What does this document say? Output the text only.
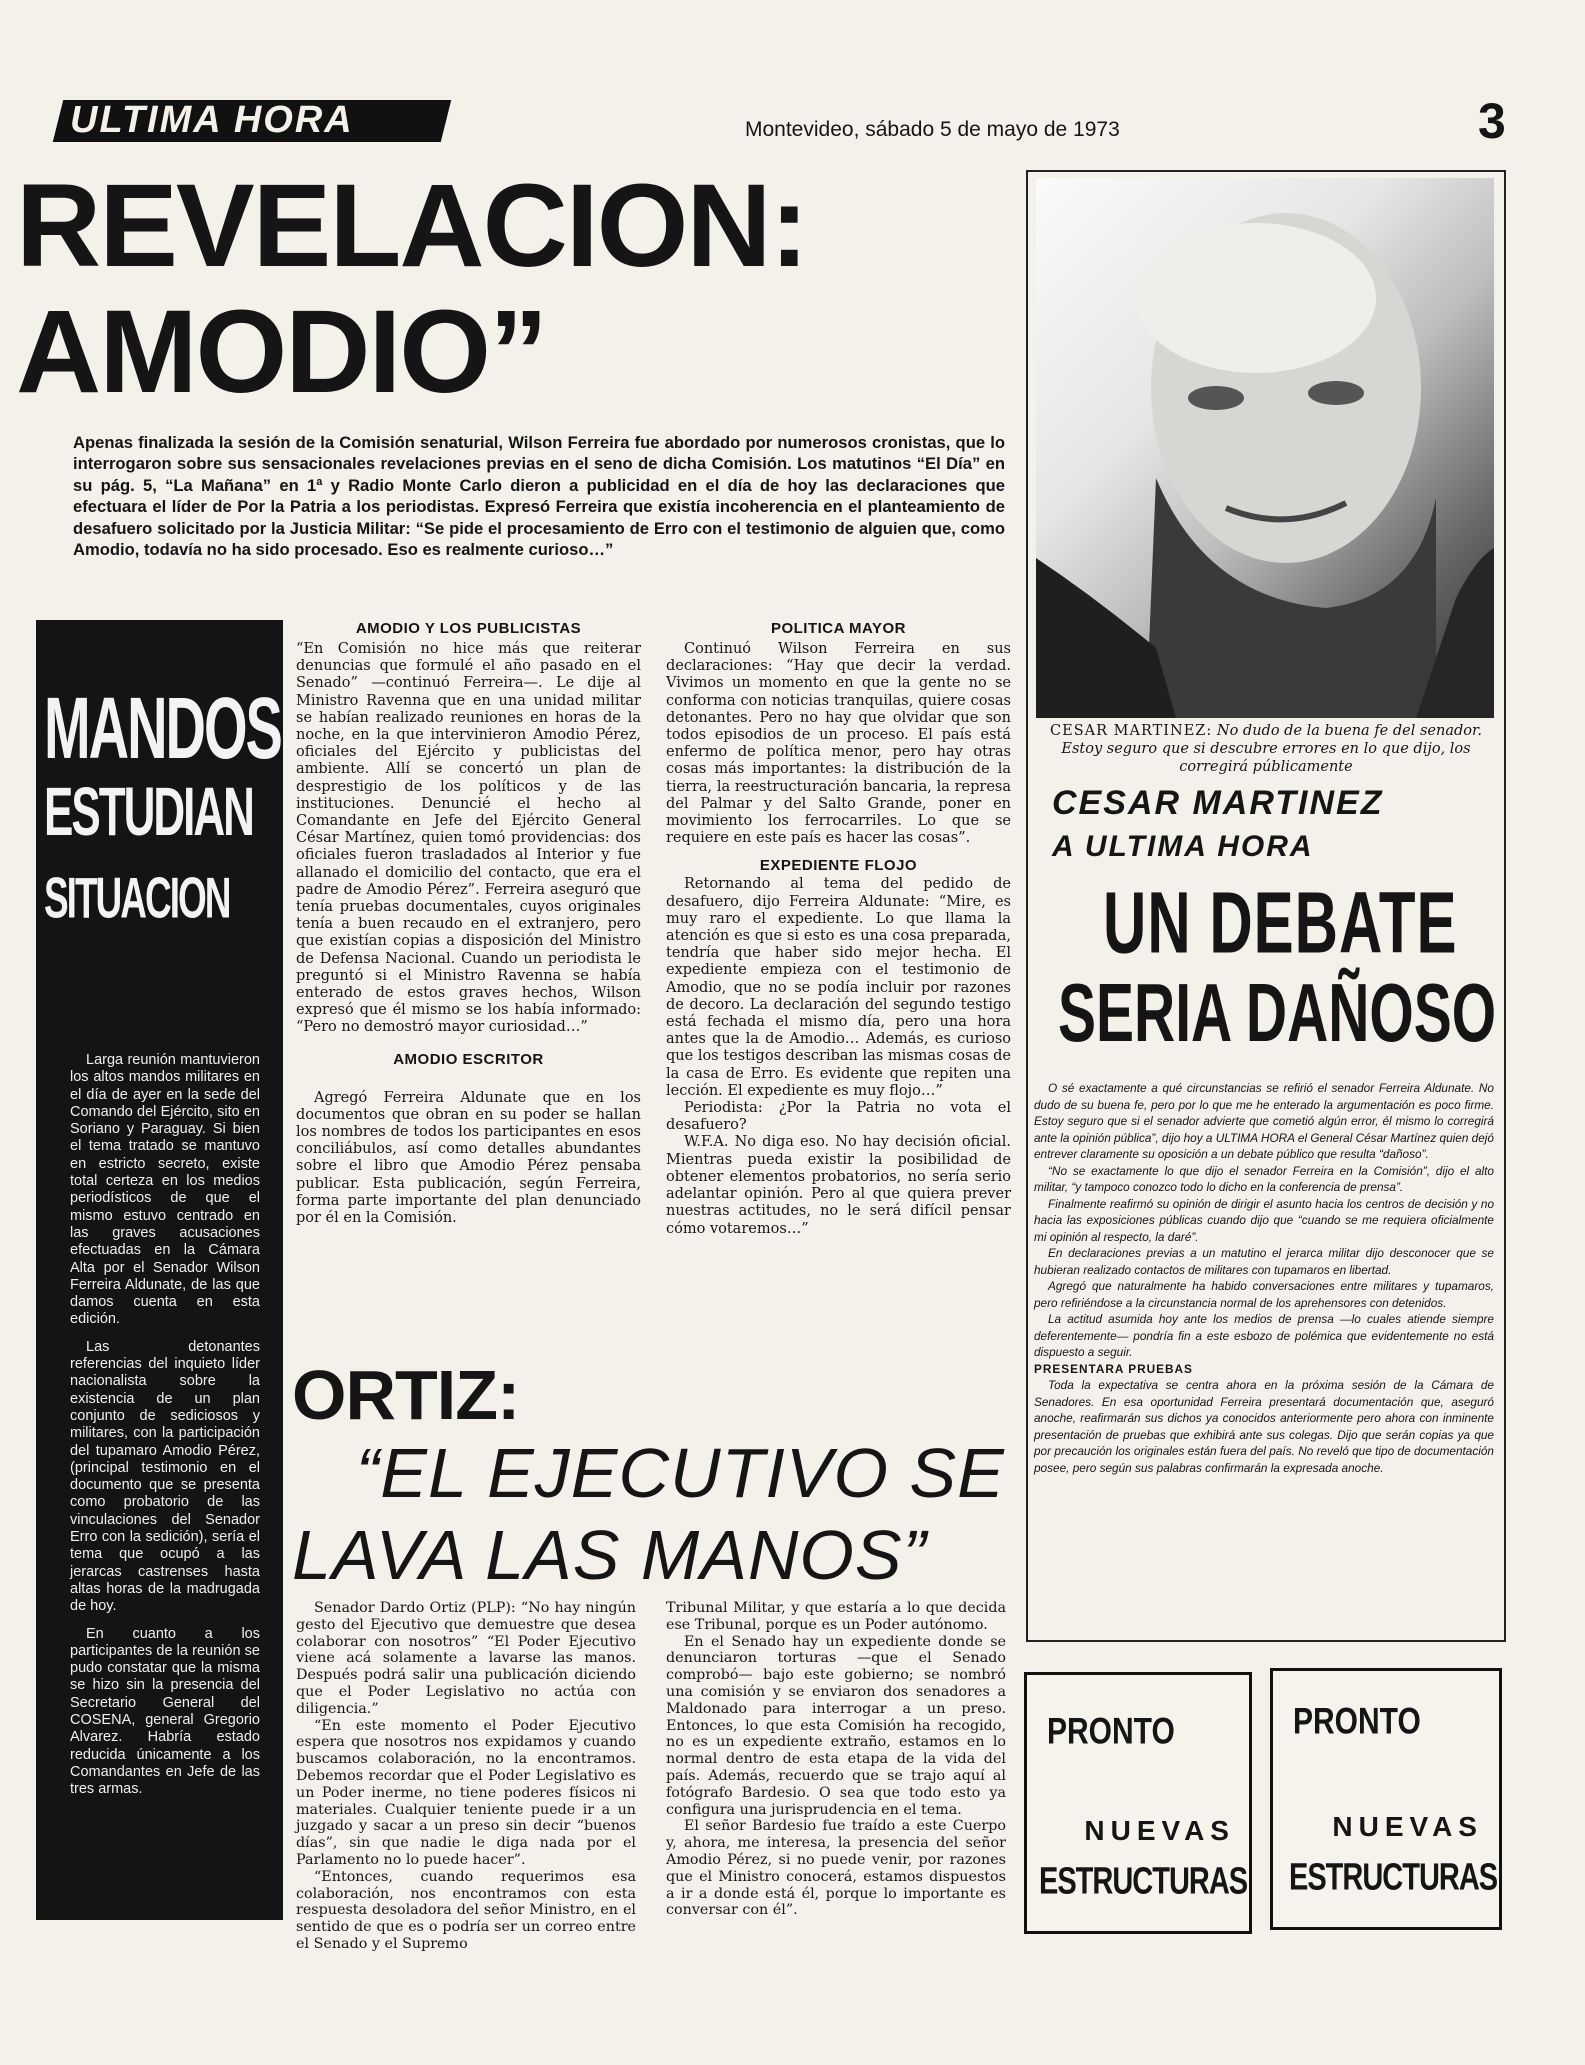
ULTIMA HORA	Montevideo, sábado 5 de mayo de 1973	3
REVELACION:
AMODIO”
Apenas finalizada la sesión de la Comisión senaturial, Wilson Ferreira fue abordado por numerosos cronistas, que lo interrogaron sobre sus sensacionales revelaciones previas en el seno de dicha Comisión. Los matutinos “El Día” en su pág. 5, “La Mañana” en 1ª y Radio Monte Carlo dieron a publicidad en el día de hoy las declaraciones que efectuara el líder de Por la Patria a los periodistas. Expresó Ferreira que existía incoherencia en el planteamiento de desafuero solicitado por la Justicia Militar: “Se pide el procesamiento de Erro con el testimonio de alguien que, como Amodio, todavía no ha sido procesado. Eso es realmente curioso…”
MANDOS
ESTUDIAN
SITUACION

Larga reunión mantuvieron los altos mandos militares en el día de ayer en la sede del Comando del Ejército, sito en Soriano y Paraguay. Si bien el tema tratado se mantuvo en estricto secreto, existe total certeza en los medios periodísticos de que el mismo estuvo centrado en las graves acusaciones efectuadas en la Cámara Alta por el Senador Wilson Ferreira Aldunate, de las que damos cuenta en esta edición.

Las detonantes referencias del inquieto líder nacionalista sobre la existencia de un plan conjunto de sediciosos y militares, con la participación del tupamaro Amodio Pérez, (principal testimonio en el documento que se presenta como probatorio de las vinculaciones del Senador Erro con la sedición), sería el tema que ocupó a las jerarcas castrenses hasta altas horas de la madrugada de hoy.

En cuanto a los participantes de la reunión se pudo constatar que la misma se hizo sin la presencia del Secretario General del COSENA, general Gregorio Alvarez. Habría estado reducida únicamente a los Comandantes en Jefe de las tres armas.

AMODIO Y LOS PUBLICISTAS

“En Comisión no hice más que reiterar denuncias que formulé el año pasado en el Senado” —continuó Ferreira—. Le dije al Ministro Ravenna que en una unidad militar se habían realizado reuniones en horas de la noche, en la que intervinieron Amodio Pérez, oficiales del Ejército y publicistas del ambiente. Allí se concertó un plan de desprestigio de los políticos y de las instituciones. Denuncié el hecho al Comandante en Jefe del Ejército General César Martínez, quien tomó providencias: dos oficiales fueron trasladados al Interior y fue allanado el domicilio del contacto, que era el padre de Amodio Pérez”. Ferreira aseguró que tenía pruebas documentales, cuyos originales tenía a buen recaudo en el extranjero, pero que existían copias a disposición del Ministro de Defensa Nacional. Cuando un periodista le preguntó si el Ministro Ravenna se había enterado de estos graves hechos, Wilson expresó que él mismo se los había informado: “Pero no demostró mayor curiosidad…”

AMODIO ESCRITOR

Agregó Ferreira Aldunate que en los documentos que obran en su poder se hallan los nombres de todos los participantes en esos conciliábulos, así como detalles abundantes sobre el libro que Amodio Pérez pensaba publicar. Esta publicación, según Ferreira, forma parte importante del plan denunciado por él en la Comisión.

POLITICA MAYOR

Continuó Wilson Ferreira en sus declaraciones: “Hay que decir la verdad. Vivimos un momento en que la gente no se conforma con noticias tranquilas, quiere cosas detonantes. Pero no hay que olvidar que son todos episodios de un proceso. El país está enfermo de política menor, pero hay otras cosas más importantes: la distribución de la tierra, la reestructuración bancaria, la represa del Palmar y del Salto Grande, poner en movimiento los ferrocarriles. Lo que se requiere en este país es hacer las cosas”.

EXPEDIENTE FLOJO

Retornando al tema del pedido de desafuero, dijo Ferreira Aldunate: “Mire, es muy raro el expediente. Lo que llama la atención es que si esto es una cosa preparada, tendría que haber sido mejor hecha. El expediente empieza con el testimonio de Amodio, que no se podía incluir por razones de decoro. La declaración del segundo testigo está fechada el mismo día, pero una hora antes que la de Amodio… Además, es curioso que los testigos describan las mismas cosas de la casa de Erro. Es evidente que repiten una lección. El expediente es muy flojo…”

Periodista: ¿Por la Patria no vota el desafuero?

W.F.A. No diga eso. No hay decisión oficial. Mientras pueda existir la posibilidad de obtener elementos probatorios, no sería serio adelantar opinión. Pero al que quiera prever nuestras actitudes, no le será difícil pensar cómo votaremos…”

ORTIZ:
“EL EJECUTIVO SE
LAVA LAS MANOS”

Senador Dardo Ortiz (PLP): “No hay ningún gesto del Ejecutivo que demuestre que desea colaborar con nosotros” “El Poder Ejecutivo viene acá solamente a lavarse las manos. Después podrá salir una publicación diciendo que el Poder Legislativo no actúa con diligencia.”

“En este momento el Poder Ejecutivo espera que nosotros nos expidamos y cuando buscamos colaboración, no la encontramos. Debemos recordar que el Poder Legislativo es un Poder inerme, no tiene poderes físicos ni materiales. Cualquier teniente puede ir a un juzgado y sacar a un preso sin decir “buenos días”, sin que nadie le diga nada por el Parlamento no lo puede hacer”.

“Entonces, cuando requerimos esa colaboración, nos encontramos con esta respuesta desoladora del señor Ministro, en el sentido de que es o podría ser un correo entre el Senado y el Supremo

Tribunal Militar, y que estaría a lo que decida ese Tribunal, porque es un Poder autónomo.

En el Senado hay un expediente donde se denunciaron torturas —que el Senado comprobó— bajo este gobierno; se nombró una comisión y se enviaron dos senadores a Maldonado para interrogar a un preso. Entonces, lo que esta Comisión ha recogido, no es un expediente extraño, estamos en lo normal dentro de esta etapa de la vida del país. Además, recuerdo que se trajo aquí al fotógrafo Bardesio. O sea que todo esto ya configura una jurisprudencia en el tema.

El señor Bardesio fue traído a este Cuerpo y, ahora, me interesa, la presencia del señor Amodio Pérez, si no puede venir, por razones que el Ministro conocerá, estamos dispuestos a ir a donde está él, porque lo importante es conversar con él”.

CESAR MARTINEZ: No dudo de la buena fe del senador. Estoy seguro que si descubre errores en lo que dijo, los corregirá públicamente
CESAR MARTINEZ
A ULTIMA HORA
UN DEBATE
SERIA DAÑOSO

O sé exactamente a qué circunstancias se refirió el senador Ferreira Aldunate. No dudo de su buena fe, pero por lo que me he enterado la argumentación es poco firme. Estoy seguro que si el senador advierte que cometió algún error, él mismo lo corregirá ante la opinión pública”, dijo hoy a ULTIMA HORA el General César Martínez quien dejó entrever claramente su oposición a un debate público que resulta “dañoso”.

“No se exactamente lo que dijo el senador Ferreira en la Comisión”, dijo el alto militar, “y tampoco conozco todo lo dicho en la conferencia de prensa”.

Finalmente reafirmó su opinión de dirigir el asunto hacia los centros de decisión y no hacia las exposiciones públicas cuando dijo que “cuando se me requiera oficialmente mi opinión al respecto, la daré”.

En declaraciones previas a un matutino el jerarca militar dijo desconocer que se hubieran realizado contactos de militares con tupamaros en libertad.

Agregó que naturalmente ha habido conversaciones entre militares y tupamaros, pero refiriéndose a la circunstancia normal de los aprehensores con detenidos.

La actitud asumida hoy ante los medios de prensa —lo cuales atiende siempre deferentemente— pondría fin a este esbozo de polémica que evidentemente no está dispuesto a seguir.

PRESENTARA PRUEBAS

Toda la expectativa se centra ahora en la próxima sesión de la Cámara de Senadores. En esa oportunidad Ferreira presentará documentación que, aseguró anoche, reafirmarán sus dichos ya conocidos anteriormente pero ahora con inminente presentación de pruebas que exhibirá ante sus colegas. Dijo que serán copias ya que por precaución los originales están fuera del país. No reveló que tipo de documentación posee, pero según sus palabras confirmarán la expresada anoche.

PRONTO
NUEVAS
ESTRUCTURAS
PRONTO
NUEVAS
ESTRUCTURAS
